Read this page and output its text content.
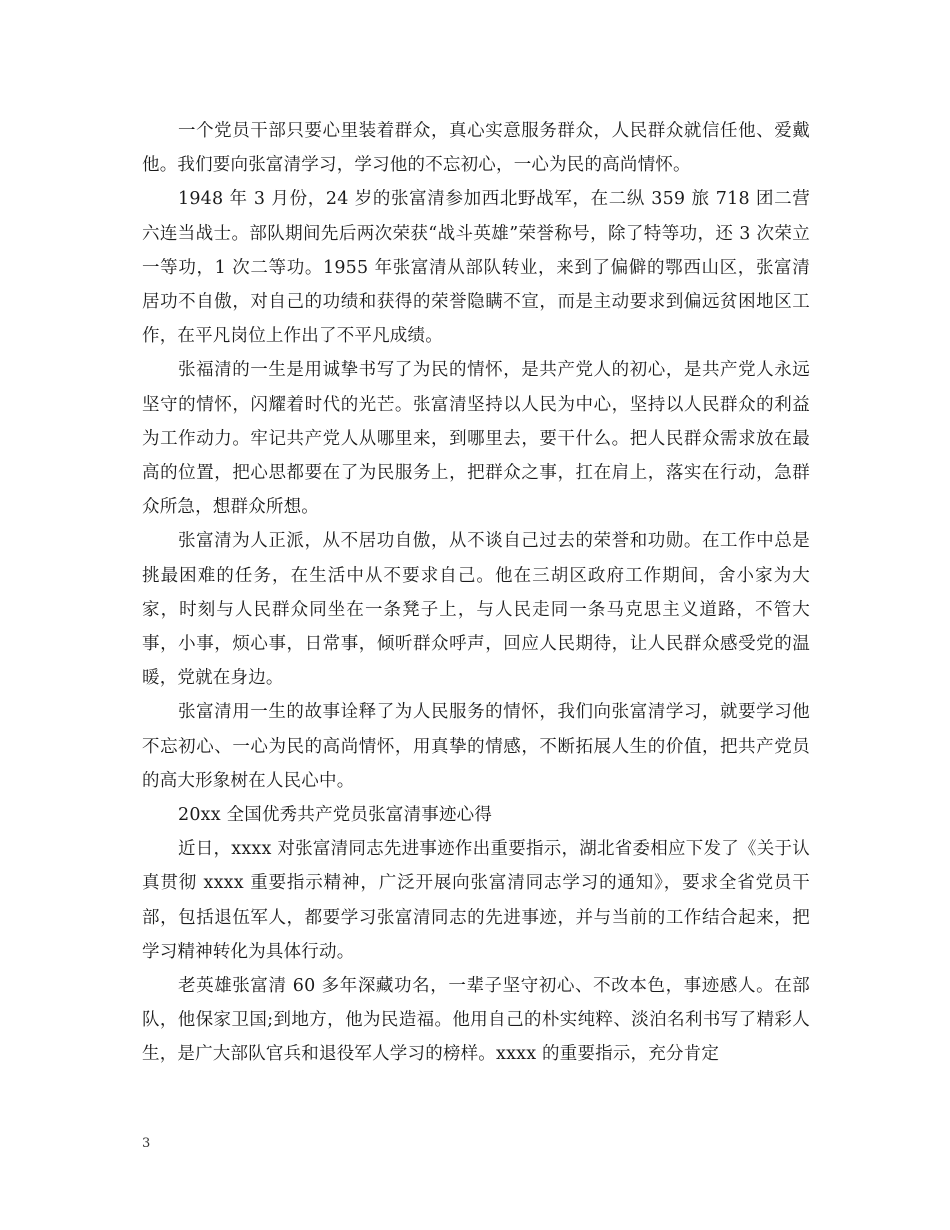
一个党员干部只要心里装着群众，真心实意服务群众，人民群众就信任他、爱戴他。我们要向张富清学习，学习他的不忘初心，一心为民的高尚情怀。

1948 年 3 月份，24 岁的张富清参加西北野战军，在二纵 359 旅 718 团二营六连当战士。部队期间先后两次荣获“战斗英雄”荣誉称号，除了特等功，还 3 次荣立一等功，1 次二等功。1955 年张富清从部队转业，来到了偏僻的鄂西山区，张富清居功不自傲，对自己的功绩和获得的荣誉隐瞒不宣，而是主动要求到偏远贫困地区工作，在平凡岗位上作出了不平凡成绩。

张福清的一生是用诚挚书写了为民的情怀，是共产党人的初心，是共产党人永远坚守的情怀，闪耀着时代的光芒。张富清坚持以人民为中心，坚持以人民群众的利益为工作动力。牢记共产党人从哪里来，到哪里去，要干什么。把人民群众需求放在最高的位置，把心思都要在了为民服务上，把群众之事，扛在肩上，落实在行动，急群众所急，想群众所想。

张富清为人正派，从不居功自傲，从不谈自己过去的荣誉和功勋。在工作中总是挑最困难的任务，在生活中从不要求自己。他在三胡区政府工作期间，舍小家为大家，时刻与人民群众同坐在一条凳子上，与人民走同一条马克思主义道路，不管大事，小事，烦心事，日常事，倾听群众呼声，回应人民期待，让人民群众感受党的温暖，党就在身边。

张富清用一生的故事诠释了为人民服务的情怀，我们向张富清学习，就要学习他不忘初心、一心为民的高尚情怀，用真挚的情感，不断拓展人生的价值，把共产党员的高大形象树在人民心中。

20xx 全国优秀共产党员张富清事迹心得

近日，xxxx 对张富清同志先进事迹作出重要指示，湖北省委相应下发了《关于认真贯彻 xxxx 重要指示精神，广泛开展向张富清同志学习的通知》，要求全省党员干部，包括退伍军人，都要学习张富清同志的先进事迹，并与当前的工作结合起来，把学习精神转化为具体行动。

老英雄张富清 60 多年深藏功名，一辈子坚守初心、不改本色，事迹感人。在部队，他保家卫国;到地方，他为民造福。他用自己的朴实纯粹、淡泊名利书写了精彩人生，是广大部队官兵和退役军人学习的榜样。xxxx 的重要指示，充分肯定

3
